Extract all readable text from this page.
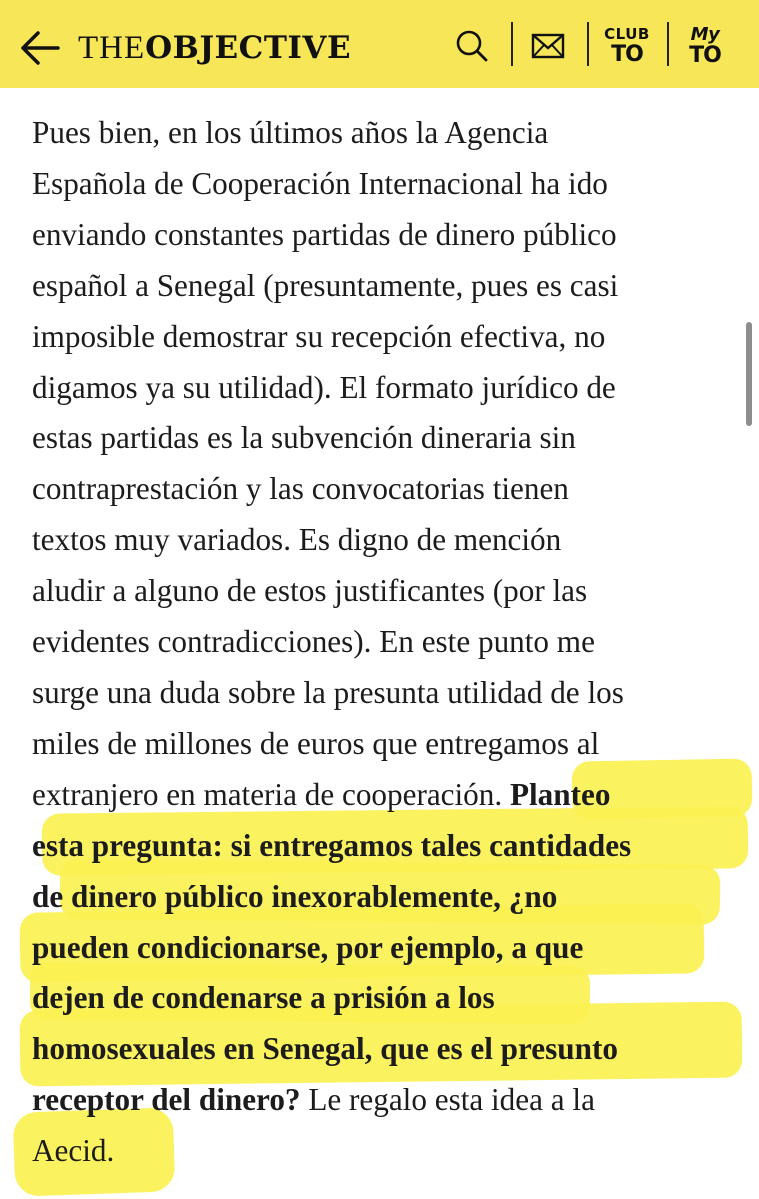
THE OBJECTIVE	CLUB
TO
My
TO
Pues bien, en los últimos años la Agencia
Española de Cooperación Internacional ha ido
enviando constantes partidas de dinero público
español a Senegal (presuntamente, pues es casi
imposible demostrar su recepción efectiva, no
digamos ya su utilidad). El formato jurídico de
estas partidas es la subvención dineraria sin
contraprestación y las convocatorias tienen
textos muy variados. Es digno de mención
aludir a alguno de estos justificantes (por las
evidentes contradicciones). En este punto me
surge una duda sobre la presunta utilidad de los
miles de millones de euros que entregamos al
extranjero en materia de cooperación. Planteo
esta pregunta: si entregamos tales cantidades
de dinero público inexorablemente, ¿no
pueden condicionarse, por ejemplo, a que
dejen de condenarse a prisión a los
homosexuales en Senegal, que es el presunto
receptor del dinero? Le regalo esta idea a la
Aecid.
